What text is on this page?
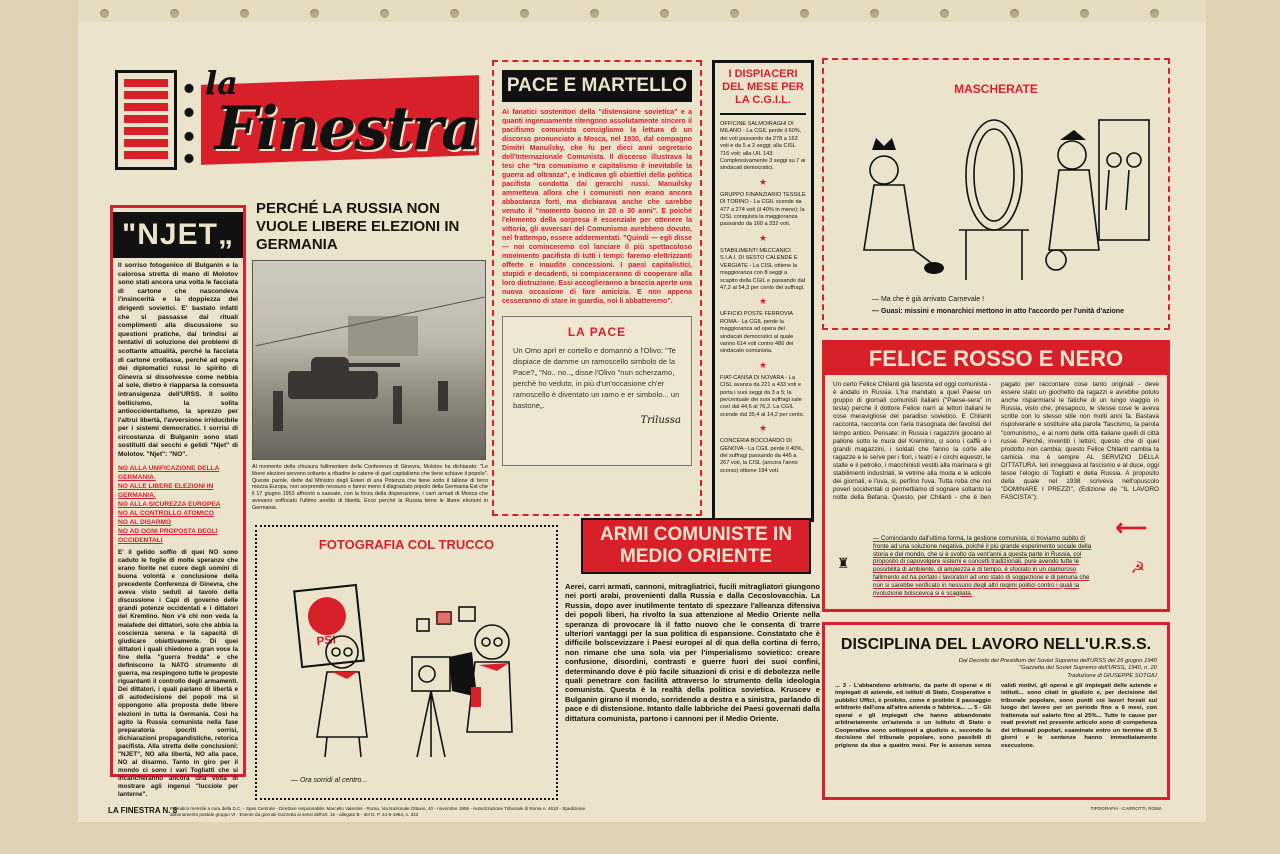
la
Finestra
"NJET„
Il sorriso fotogenico di Bulganin e la calorosa stretta di mano di Molotov sono stati ancora una volta le facciata di cartone che nascondeva l'insincerità e la doppiezza dei dirigenti sovietici. E' bastato infatti che si passasse dai rituali complimenti alla discussione su questioni pratiche, dai brindisi ai tentativi di soluzione dei problemi di scottante attualità, perché la facciata di cartone crollasse, perché ad opera dei diplomatici russi lo spirito di Ginevra si dissolvesse come nebbia al sole, dietro è riapparsa la consueta intransigenza dell'URSS. Il solito bellicismo, la solita antioccidentalismo, la sprezzo per l'altrui libertà, l'avversione irriducibile per i sistemi democratici. I sorrisi di circostanza di Bulganin sono stati sostituiti dai secchi e gelidi "Njet" di Molotov. "Njet": "NO".
NO ALLA UNIFICAZIONE DELLA GERMANIA.
NO ALLE LIBERE ELEZIONI IN GERMANIA.
NO ALLA SICUREZZA EUROPEA
NO AL CONTROLLO ATOMICO
NO AL DISARMO
NO AD OGNI PROPOSTA DEGLI OCCIDENTALI
E' il gelido soffio di quei NO sono caduto le foglie di molte speranze che erano fiorite nel cuore degli uomini di buona volontà e conclusione della precedente Conferenza di Ginevra, che aveva visto seduti al tavolo della discussione i Capi di governo delle grandi potenze occidentali e i dittatori del Kremlino. Non v'è chi non veda la malafede dei dittatori, solo che abbia la coscienza serena e la capacità di giudicare obiettivamente. Di quei dittatori i quali chiedono a gran voce la fine della "guerra fredda" e che definiscono la NATO strumento di guerra, ma respingono tutte le proposte riguardanti il controllo degli armamenti. Dei dittatori, i quali parlano di libertà e di autodecisione dei popoli ma si oppongono alla proposta delle libere elezioni in tutta la Germania. Così ha agito la Russia comunista nella fase preparatoria ipocriti sorrisi, dichiarazioni propagandistiche, retorica pacifista. Alla stretta delle conclusioni: "NJET", NO alla libertà, NO alla pace, NO al disarmo. Tanto in giro per il mondo ci sono i vari Togliatti che si incaricheranno ancora una volta di mostrare agli ingenui "lucciole per lanterne".
PERCHÉ LA RUSSIA NON VUOLE LIBERE ELEZIONI IN GERMANIA
Al momento della chiusura fallimentare della Conferenza di Ginevra, Molotov ha dichiarato: "Le libere elezioni servono soltanto a ribadire le catene di quel capitalismo che tiene schiave il popolo". Queste parole, dette dal Ministro degli Esteri di una Potenza che tiene sotto il tallone di ferro mezza Europa, non sorprende nessuno e fanno meno il disgraziato popolo della Germania Est che il 17 giugno 1953 affrontò a sassate, con la forza della disperazione, i carri armati di Mosca che avevano soffocato l'ultimo anelito di libertà. Ecco perché la Russia teme le libere elezioni in Germania.
FOTOGRAFIA COL TRUCCO
PSI
— Ora sorridi al centro...
PACE E MARTELLO
Ai fanatici sostenitori della "distensione sovietica" e a quanti ingenuamente ritengono assolutamente sincero il pacifismo comunista consigliamo la lettura di un discorso pronunciato a Mosca, nel 1930, dal compagno Dimitri Manuilsky, che fu per dieci anni segretario dell'Internazionale Comunista. Il discorso illustrava la tesi che "tra comunismo e capitalismo è inevitabile la guerra ad oltranza", e indicava gli obiettivi della politica pacifista condotta dai gerarchi russi. Manuilsky ammetteva allora che i comunisti non erano ancora abbastanza forti, ma dichiarava anche che sarebbe venuto il "momento buono in 20 o 30 anni". E poiché l'elemento della sorpresa è essenziale per ottenere la vittoria, gli avversari del Comunismo avrebbero dovuto, nel frattempo, essere addormentati. "Quindi — egli disse — noi cominceremo col lanciare il più spettacoloso movimento pacifista di tutti i tempi: faremo elettrizzanti offerte e inaudite concessioni. I paesi capitalistici, stupidi e decadenti, si compiaceranno di cooperare alla loro distruzione. Essi accoglieranno a braccia aperte una nuova occasione di fare amicizia. E non appena cesseranno di stare in guardia, noi li abbatteremo".
LA PACE
Un Omo aprì er cortello e domannò a l'Olivo: "Te dispiace de damme un ramoscello simbolo de la Pace?„ "No.. no..„ disse l'Olivo "nun scherzamo, perchè ho veduto, in più d'un'occasione ch'er ramoscello è diventato un ramo e er simbolo... un bastone„.
Trilussa
I DISPIACERI DEL MESE PER LA C.G.I.L.
OFFICINE SALMOIRAGHI DI MILANO - La CGIL perde il 60%, dei voti passando da 278 a 163 voti e da 5 a 2 seggi; alla CISL 716 voti; alla UIL 143. Complessivamente 3 seggi su 7 ai sindacati democratici.
★
GRUPPO FINANZIARIO TESSILE DI TORINO - La CGIL scende da 477 a 274 voti (il 40% in meno); la CISL conquista la maggioranza passando da 160 a 332 voti.
★
STABILIMENTI MECCANICI S.I.A.I. DI SESTO CALENDE E VERGIATE - La CISL ottiene la maggioranza con 8 seggi a scapito della CGIL e passando dal 47,2 al 54,3 per cento dei suffragi.
★
UFFICIO POSTE FERROVIA ROMA - La CGIL perde la maggioranza ad opera dei sindacati democratici al quale vanno 614 voti contro 486 dei sindacato comunista.
★
FIAT-CANSA DI NOVARA - La CISL avanza da 221 a 433 voti e porta i suoi seggi da 3 a 5; la percentuale dei suoi suffragi sale così dal 44,6 al 76,2. La CGIL scende dal 35,4 al 14,2 per cento.
★
CONCERIA BOCCIARDO DI GENOVA - La CGIL perde il 40%, dei suffragi passando da 445 a 267 voti, la CISL (ancora l'anno scorso) ottiene 194 voti.
ARMI COMUNISTE IN MEDIO ORIENTE
Aerei, carri armati, cannoni, mitragliatrici, fucili mitragliatori giungono nei porti arabi, provenienti dalla Russia e dalla Cecoslovacchia. La Russia, dopo aver inutilmente tentato di spezzare l'alleanza difensiva dei popoli liberi, ha rivolto la sua attenzione al Medio Oriente nella speranza di provocare là il fatto nuovo che le consenta di trarre ulteriori vantaggi per la sua politica di espansione. Constatato che è difficile bolscevizzare i Paesi europei al di qua della cortina di ferro, non rimane che una sola via per l'imperialismo sovietico: creare confusione, disordini, contrasti e guerre fuori dei suoi confini, determinando dove è più facile situazioni di crisi e di debolezza nelle quali penetrare con facilità attraverso lo strumento della ideologia comunista. Questa è la realtà della politica sovietica. Kruscev e Bulganin girano il mondo, sorridendo a destra e a sinistra, parlando di pace e di distensione. Intanto dalle labbriche dei Paesi governati dalla dittatura comunista, partono i cannoni per il Medio Oriente.
MASCHERATE
— Ma che è già arrivato Carnevale !
— Guasi: missini e monarchici mettono in atto l'accordo per l'unità d'azione
FELICE ROSSO E NERO
Un certo Felice Chilanti già fascista ed oggi comunista - è andato in Russia. L'ha mandato a quel Paese un gruppo di giornali comunisti italiani ("Paese-sera" in testa) perché il dottore Felice narri ai lettori italiani le cose meravigliose del paradiso sovietico. E Chilanti racconta, racconta con l'aria trasognata dei favolisti del tempo antico. Pensate: in Russia i ragazzini giocano al pallone sotto le mura del Kremlino, ci sono i caffè e i grandi magazzini, i soldati che fanno la corte alle ragazze e le serve per i fiori, i teatri e i circhi equestri, le stalle e il petrolio, i macchinisti vestiti alla marinara e gli stabilimenti industriali, le vetrine alla moda e le edicole dei giornali, e l'uva, si, perfino l'uva. Tutta roba che noi poveri occidentali ci permettiamo di sognare soltanto la notte della Befana. Questo, per Chilanti - che è ben pagato per raccontare cose tanto originali - deve essere stato un giochetto da ragazzi e avrebbe potuto anche risparmiarsi le fatiche di un lungo viaggio in Russia, visto che, presapoco, le stesse cose le aveva scritte con lo stesso stile non molti anni fa. Bastava rispolverarle e sostituire alla parola "fascismo„ la parola "comunismo„, e ai nomi delle città italiane quelli di città russe. Perché, inventiti i lettori, questo che di quel prodotto non cambia: questo Felice Chilanti cambia la camicia ma è sempre AL SERVIZIO DELLA DITTATURA. Ieri inneggiava al fascismo e al duce, oggi tesse l'elogio di Togliatti e della Russia. A proposito della quale nel 1938 scriveva nell'opuscolo "DOMINARE I PREZZI", (Edizione de "IL LAVORO FASCISTA"):
— Cominciando dall'ultima forma, la gestione comunista, ci troviamo subito di fronte ad una soluzione negativa, poiché il più grande esperimento sociale della storia e del mondo, che si è svolto da vent'anni a questa parte in Russia, col proposito di capovolgere sistemi e concetti tradizionali, pure avendo tutte le possibilità di ambiente, di ampiezza e di tempo, è sfociato in un clamoroso fallimento ed ha portato i lavoratori ad uno stato di soggezione e di penuria che non si sarebbe verificato in nessuno degli altri regimi politici contro i quali la rivoluzione bolscevica si è scagliata.
⟵
☭
♜
DISCIPLINA DEL LAVORO NELL'U.R.S.S.
Dal Decreto del Presidium del Soviet Supremo dell'URSS del 26 giugno 1940 "Gazzetta del Soviet Supremo dell'URSS„ 1940, n. 20
Traduzione di GIUSEPPE SOTGIU
... 3 - L'abbandono arbitrario, da parte di operai e di impiegati di aziende, ed istituti di Stato, Cooperative e pubblici Uffici, è proibito, come è proibito il passaggio arbitrario dall'una all'altra azienda o fabbrica... ... 5 - Gli operai e gli impiegati che hanno abbandonato arbitrariamente un'azienda o un istituto di Stato o Cooperativa sono sottoposti a giudizio e, secondo la decisione del tribunale popolare, sono passibili di prigione da due a quattro mesi. Per le assenze senza validi motivi, gli operai e gli impiegati delle aziende e istituti... sono citati in giudizio e, per decisione del tribunale popolare, sono puniti coi lavori forzati sul luogo del lavoro per un periodo fino a 6 mesi, con trattenuta sul salario fino al 25%... Tutte le cause per reati previsti nel presente articolo sono di competenza dei tribunali popolari, esaminate entro un termine di 5 giorni e le sentenze hanno immediatamente esecuzione.
LA FINESTRA N. 8
Periodico mensile a cura della D.C. - Spes Centrale - Direttore responsabile: Marcello Valentini - Roma, Via Nazionale Ottavio, 40 - novembre 1955 - Autorizzazione Tribunale di Roma n. 4610 - Spedizione abbonamento postale gruppo VI - Esente da giornali Gazzetta ai sensi dell'art. 15 - allegato B - del D. P. 24-6-1954, n. 342
TIPOGRAFIA - CARROTTI, ROMA
